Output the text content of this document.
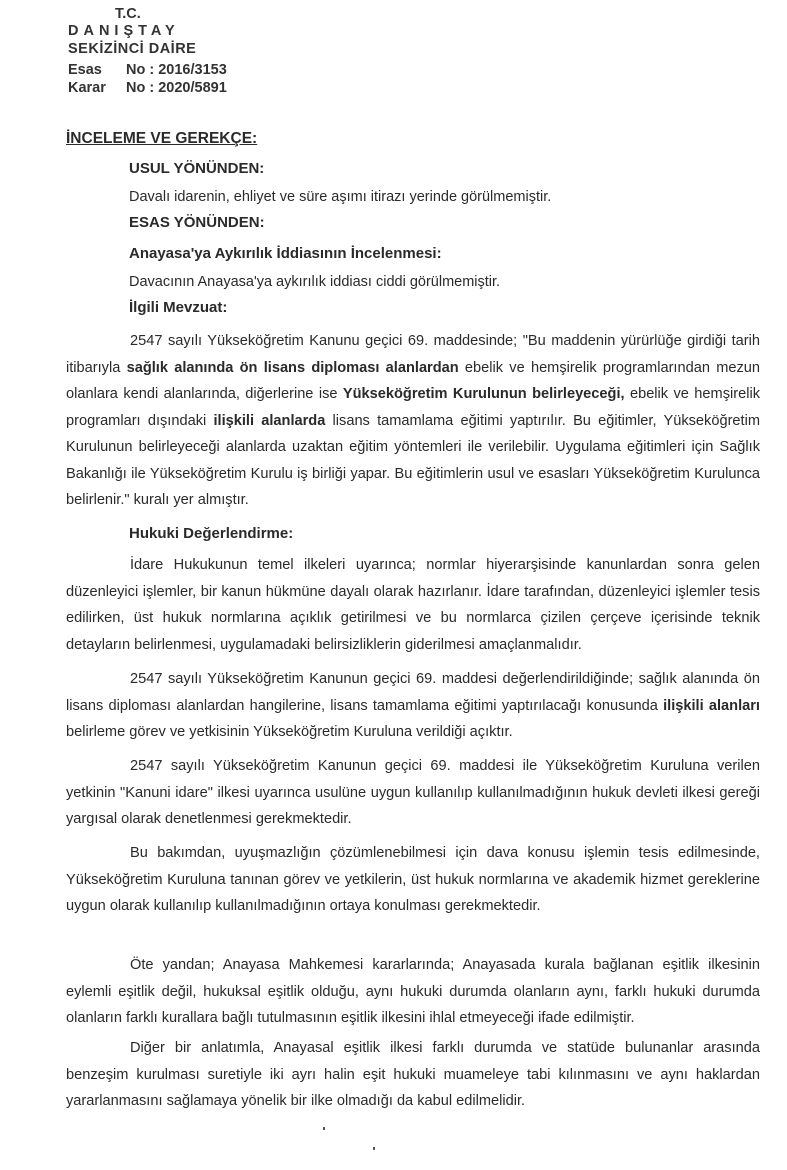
T.C.
DANIŞTAY
SEKİZİNCİ DAİRE
Esas No : 2016/3153
Karar No : 2020/5891
İNCELEME VE GEREKÇE:
USUL YÖNÜNDEN:
Davalı idarenin, ehliyet ve süre aşımı itirazı yerinde görülmemiştir.
ESAS YÖNÜNDEN:
Anayasa'ya Aykırılık İddiasının İncelenmesi:
Davacının Anayasa'ya aykırılık iddiası ciddi görülmemiştir.
İlgili Mevzuat:

2547 sayılı Yükseköğretim Kanunu geçici 69. maddesinde; "Bu maddenin yürürlüğe girdiği tarih itibarıyla sağlık alanında ön lisans diploması alanlardan ebelik ve hemşirelik programlarından mezun olanlara kendi alanlarında, diğerlerine ise Yükseköğretim Kurulunun belirleyeceği, ebelik ve hemşirelik programları dışındaki ilişkili alanlarda lisans tamamlama eğitimi yaptırılır. Bu eğitimler, Yükseköğretim Kurulunun belirleyeceği alanlarda uzaktan eğitim yöntemleri ile verilebilir. Uygulama eğitimleri için Sağlık Bakanlığı ile Yükseköğretim Kurulu iş birliği yapar. Bu eğitimlerin usul ve esasları Yükseköğretim Kurulunca belirlenir." kuralı yer almıştır.

Hukuki Değerlendirme:

İdare Hukukunun temel ilkeleri uyarınca; normlar hiyerarşisinde kanunlardan sonra gelen düzenleyici işlemler, bir kanun hükmüne dayalı olarak hazırlanır. İdare tarafından, düzenleyici işlemler tesis edilirken, üst hukuk normlarına açıklık getirilmesi ve bu normlarca çizilen çerçeve içerisinde teknik detayların belirlenmesi, uygulamadaki belirsizliklerin giderilmesi amaçlanmalıdır.

2547 sayılı Yükseköğretim Kanunun geçici 69. maddesi değerlendirildiğinde; sağlık alanında ön lisans diploması alanlardan hangilerine, lisans tamamlama eğitimi yaptırılacağı konusunda ilişkili alanları belirleme görev ve yetkisinin Yükseköğretim Kuruluna verildiği açıktır.

2547 sayılı Yükseköğretim Kanunun geçici 69. maddesi ile Yükseköğretim Kuruluna verilen yetkinin "Kanuni idare" ilkesi uyarınca usulüne uygun kullanılıp kullanılmadığının hukuk devleti ilkesi gereği yargısal olarak denetlenmesi gerekmektedir.

Bu bakımdan, uyuşmazlığın çözümlenebilmesi için dava konusu işlemin tesis edilmesinde, Yükseköğretim Kuruluna tanınan görev ve yetkilerin, üst hukuk normlarına ve akademik hizmet gereklerine uygun olarak kullanılıp kullanılmadığının ortaya konulması gerekmektedir.

Öte yandan; Anayasa Mahkemesi kararlarında; Anayasada kurala bağlanan eşitlik ilkesinin eylemli eşitlik değil, hukuksal eşitlik olduğu, aynı hukuki durumda olanların aynı, farklı hukuki durumda olanların farklı kurallara bağlı tutulmasının eşitlik ilkesini ihlal etmeyeceği ifade edilmiştir.

Diğer bir anlatımla, Anayasal eşitlik ilkesi farklı durumda ve statüde bulunanlar arasında benzeşim kurulması suretiyle iki ayrı halin eşit hukuki muameleye tabi kılınmasını ve aynı haklardan yararlanmasını sağlamaya yönelik bir ilke olmadığı da kabul edilmelidir.
